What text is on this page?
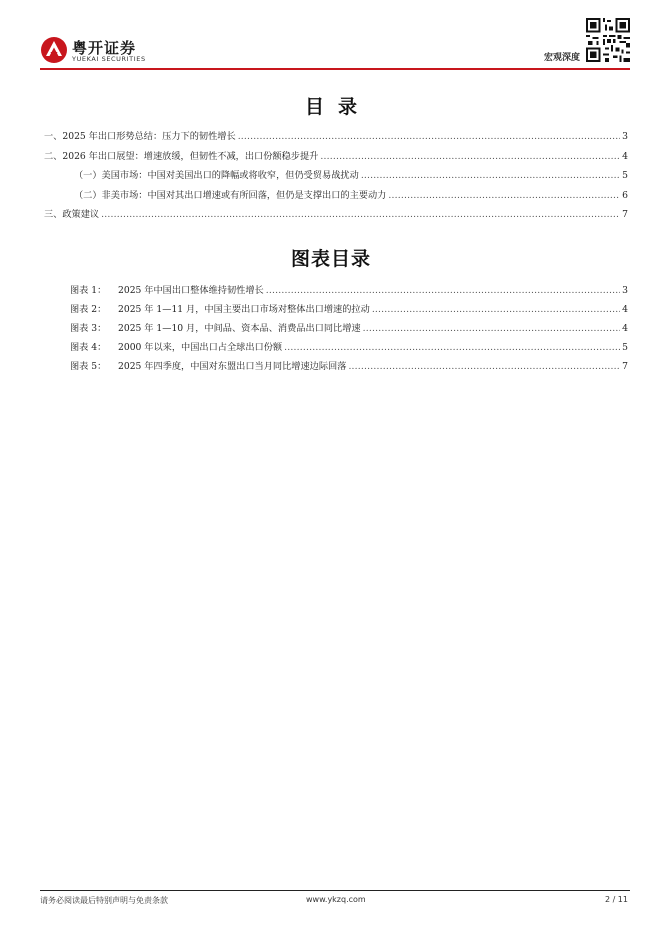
粤开证券
YUEKAI SECURITIES	宏观深度
目录
一、2025 年出口形势总结：压力下的韧性增长 .....	3
二、2026 年出口展望：增速放缓，但韧性不减，出口份额稳步提升 .....	4
（一）美国市场：中国对美国出口的降幅或将收窄，但仍受贸易战扰动 .....	5
（二）非美市场：中国对其出口增速或有所回落，但仍是支撑出口的主要动力 .....	6
三、政策建议 .....	7
图表目录
图表 1：	2025 年中国出口整体维持韧性增长 .....	3
图表 2：	2025 年 1—11 月，中国主要出口市场对整体出口增速的拉动 .....	4
图表 3：	2025 年 1—10 月，中间品、资本品、消费品出口同比增速 .....	4
图表 4：	2000 年以来，中国出口占全球出口份额 .....	5
图表 5：	2025 年四季度，中国对东盟出口当月同比增速边际回落 .....	7
请务必阅读最后特别声明与免责条款	www.ykzq.com	2 / 11
